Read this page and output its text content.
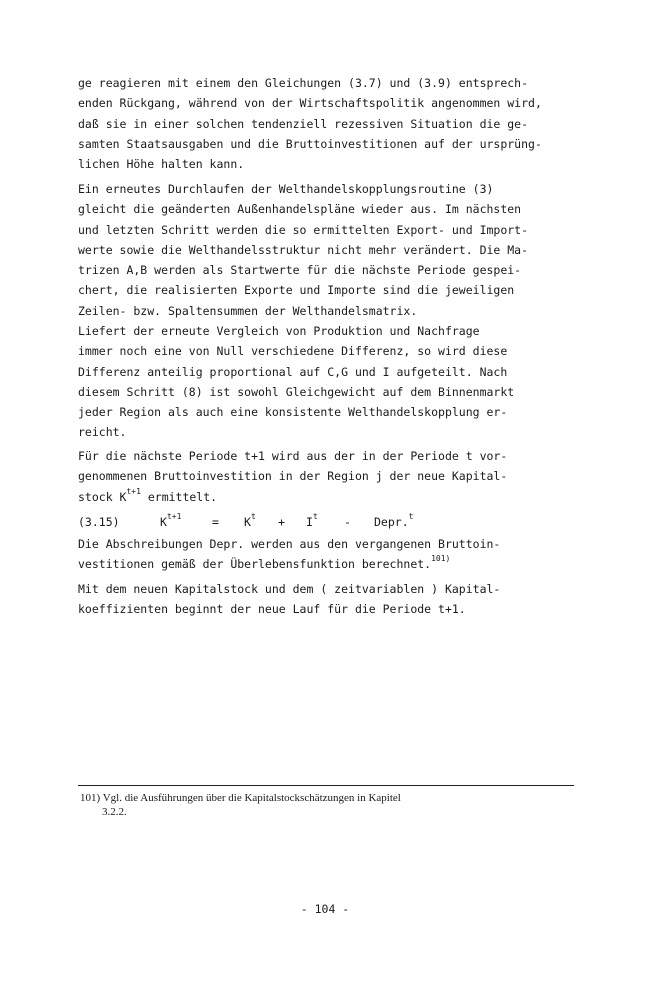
ge reagieren mit einem den Gleichungen (3.7) und (3.9) entsprech-
enden Rückgang, während von der Wirtschaftspolitik angenommen wird,
daß sie in einer solchen tendenziell rezessiven Situation die ge-
samten Staatsausgaben und die Bruttoinvestitionen auf der ursprüng-
lichen Höhe halten kann.
Ein erneutes Durchlaufen der Welthandelskopplungsroutine (3)
gleicht die geänderten Außenhandelspläne wieder aus. Im nächsten
und letzten Schritt werden die so ermittelten Export- und Import-
werte sowie die Welthandelsstruktur nicht mehr verändert. Die Ma-
trizen A,B werden als Startwerte für die nächste Periode gespei-
chert, die realisierten Exporte und Importe sind die jeweiligen
Zeilen- bzw. Spaltensummen der Welthandelsmatrix.
Liefert der erneute Vergleich von Produktion und Nachfrage
immer noch eine von Null verschiedene Differenz, so wird diese
Differenz anteilig proportional auf C,G und I aufgeteilt. Nach
diesem Schritt (8) ist sowohl Gleichgewicht auf dem Binnenmarkt
jeder Region als auch eine konsistente Welthandelskopplung er-
reicht.
Für die nächste Periode t+1 wird aus der in der Periode t vor-
genommenen Bruttoinvestition in der Region j der neue Kapital-
stock $K^{t+1}$ ermittelt.
(3.15)	$K^{t+1}$	= $K^t + I^t$ - Depr.$^t$
Die Abschreibungen Depr. werden aus den vergangenen Bruttoin-
vestitionen gemäß der Überlebensfunktion berechnet.$^{101)}$
Mit dem neuen Kapitalstock und dem ( zeitvariablen ) Kapital-
koeffizienten beginnt der neue Lauf für die Periode t+1.
101) Vgl. die Ausführungen über die Kapitalstockschätzungen in Kapitel
3.2.2.
- 104 -
